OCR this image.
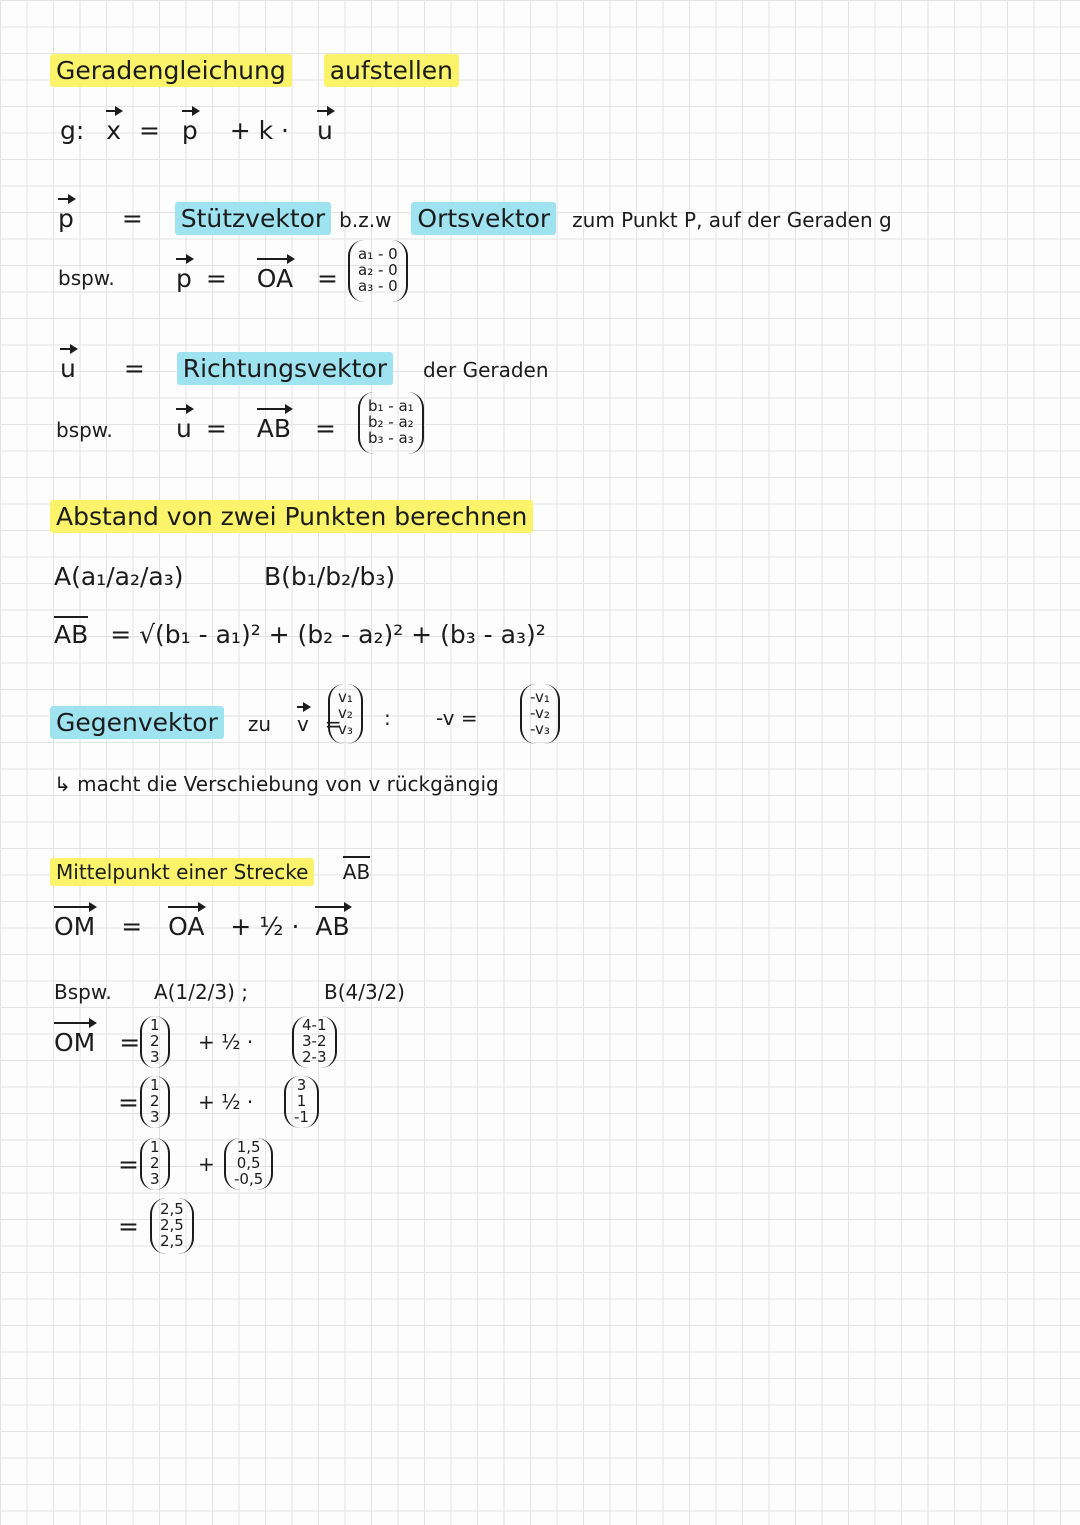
Geradengleichung aufstellen
g: x = p + k · u
p = Stützvektor b.z.w Ortsvektor zum Punkt P, auf der Geraden g
bspw. p = OA =
a₁ - 0
a₂ - 0
a₃ - 0
u = Richtungsvektor der Geraden
bspw.	u = AB =
b₁ - a₁
b₂ - a₂
b₃ - a₃
Abstand von zwei Punkten berechnen
A(a₁/a₂/a₃)	B(b₁/b₂/b₃)
AB = √(b₁ - a₁)² + (b₂ - a₂)² + (b₃ - a₃)²
Gegenvektor zu v =
v₁
v₂
v₃ : -v =
-v₁
-v₂
-v₃
↳ macht die Verschiebung von v rückgängig
Mittelpunkt einer Strecke AB
OM = OA + ½ · AB
Bspw. A(1/2/3) ;	B(4/3/2)
OM =
1
2
3
+ ½ ·
4-1
3-2
2-3
=
1
2
3
+ ½ ·
3
1
-1
=
1
2
3
+
1,5
0,5
-0,5
=
2,5
2,5
2,5
